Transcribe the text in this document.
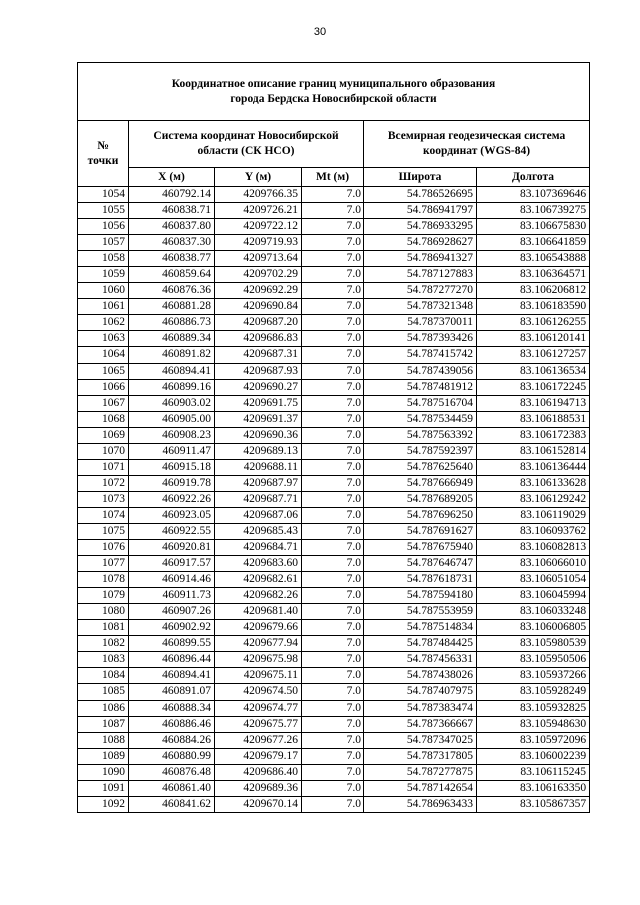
30
Координатное описание границ муниципального образования
города Бердска Новосибирской области					
№
точки	Система координат Новосибирской
области (СК НСО)			Всемирная геодезическая система
координат (WGS-84)	
	X (м)	Y (м)	Mt (м)	Широта	Долгота
1054	460792.14	4209766.35	7.0	54.786526695	83.107369646
1055	460838.71	4209726.21	7.0	54.786941797	83.106739275
1056	460837.80	4209722.12	7.0	54.786933295	83.106675830
1057	460837.30	4209719.93	7.0	54.786928627	83.106641859
1058	460838.77	4209713.64	7.0	54.786941327	83.106543888
1059	460859.64	4209702.29	7.0	54.787127883	83.106364571
1060	460876.36	4209692.29	7.0	54.787277270	83.106206812
1061	460881.28	4209690.84	7.0	54.787321348	83.106183590
1062	460886.73	4209687.20	7.0	54.787370011	83.106126255
1063	460889.34	4209686.83	7.0	54.787393426	83.106120141
1064	460891.82	4209687.31	7.0	54.787415742	83.106127257
1065	460894.41	4209687.93	7.0	54.787439056	83.106136534
1066	460899.16	4209690.27	7.0	54.787481912	83.106172245
1067	460903.02	4209691.75	7.0	54.787516704	83.106194713
1068	460905.00	4209691.37	7.0	54.787534459	83.106188531
1069	460908.23	4209690.36	7.0	54.787563392	83.106172383
1070	460911.47	4209689.13	7.0	54.787592397	83.106152814
1071	460915.18	4209688.11	7.0	54.787625640	83.106136444
1072	460919.78	4209687.97	7.0	54.787666949	83.106133628
1073	460922.26	4209687.71	7.0	54.787689205	83.106129242
1074	460923.05	4209687.06	7.0	54.787696250	83.106119029
1075	460922.55	4209685.43	7.0	54.787691627	83.106093762
1076	460920.81	4209684.71	7.0	54.787675940	83.106082813
1077	460917.57	4209683.60	7.0	54.787646747	83.106066010
1078	460914.46	4209682.61	7.0	54.787618731	83.106051054
1079	460911.73	4209682.26	7.0	54.787594180	83.106045994
1080	460907.26	4209681.40	7.0	54.787553959	83.106033248
1081	460902.92	4209679.66	7.0	54.787514834	83.106006805
1082	460899.55	4209677.94	7.0	54.787484425	83.105980539
1083	460896.44	4209675.98	7.0	54.787456331	83.105950506
1084	460894.41	4209675.11	7.0	54.787438026	83.105937266
1085	460891.07	4209674.50	7.0	54.787407975	83.105928249
1086	460888.34	4209674.77	7.0	54.787383474	83.105932825
1087	460886.46	4209675.77	7.0	54.787366667	83.105948630
1088	460884.26	4209677.26	7.0	54.787347025	83.105972096
1089	460880.99	4209679.17	7.0	54.787317805	83.106002239
1090	460876.48	4209686.40	7.0	54.787277875	83.106115245
1091	460861.40	4209689.36	7.0	54.787142654	83.106163350
1092	460841.62	4209670.14	7.0	54.786963433	83.105867357
